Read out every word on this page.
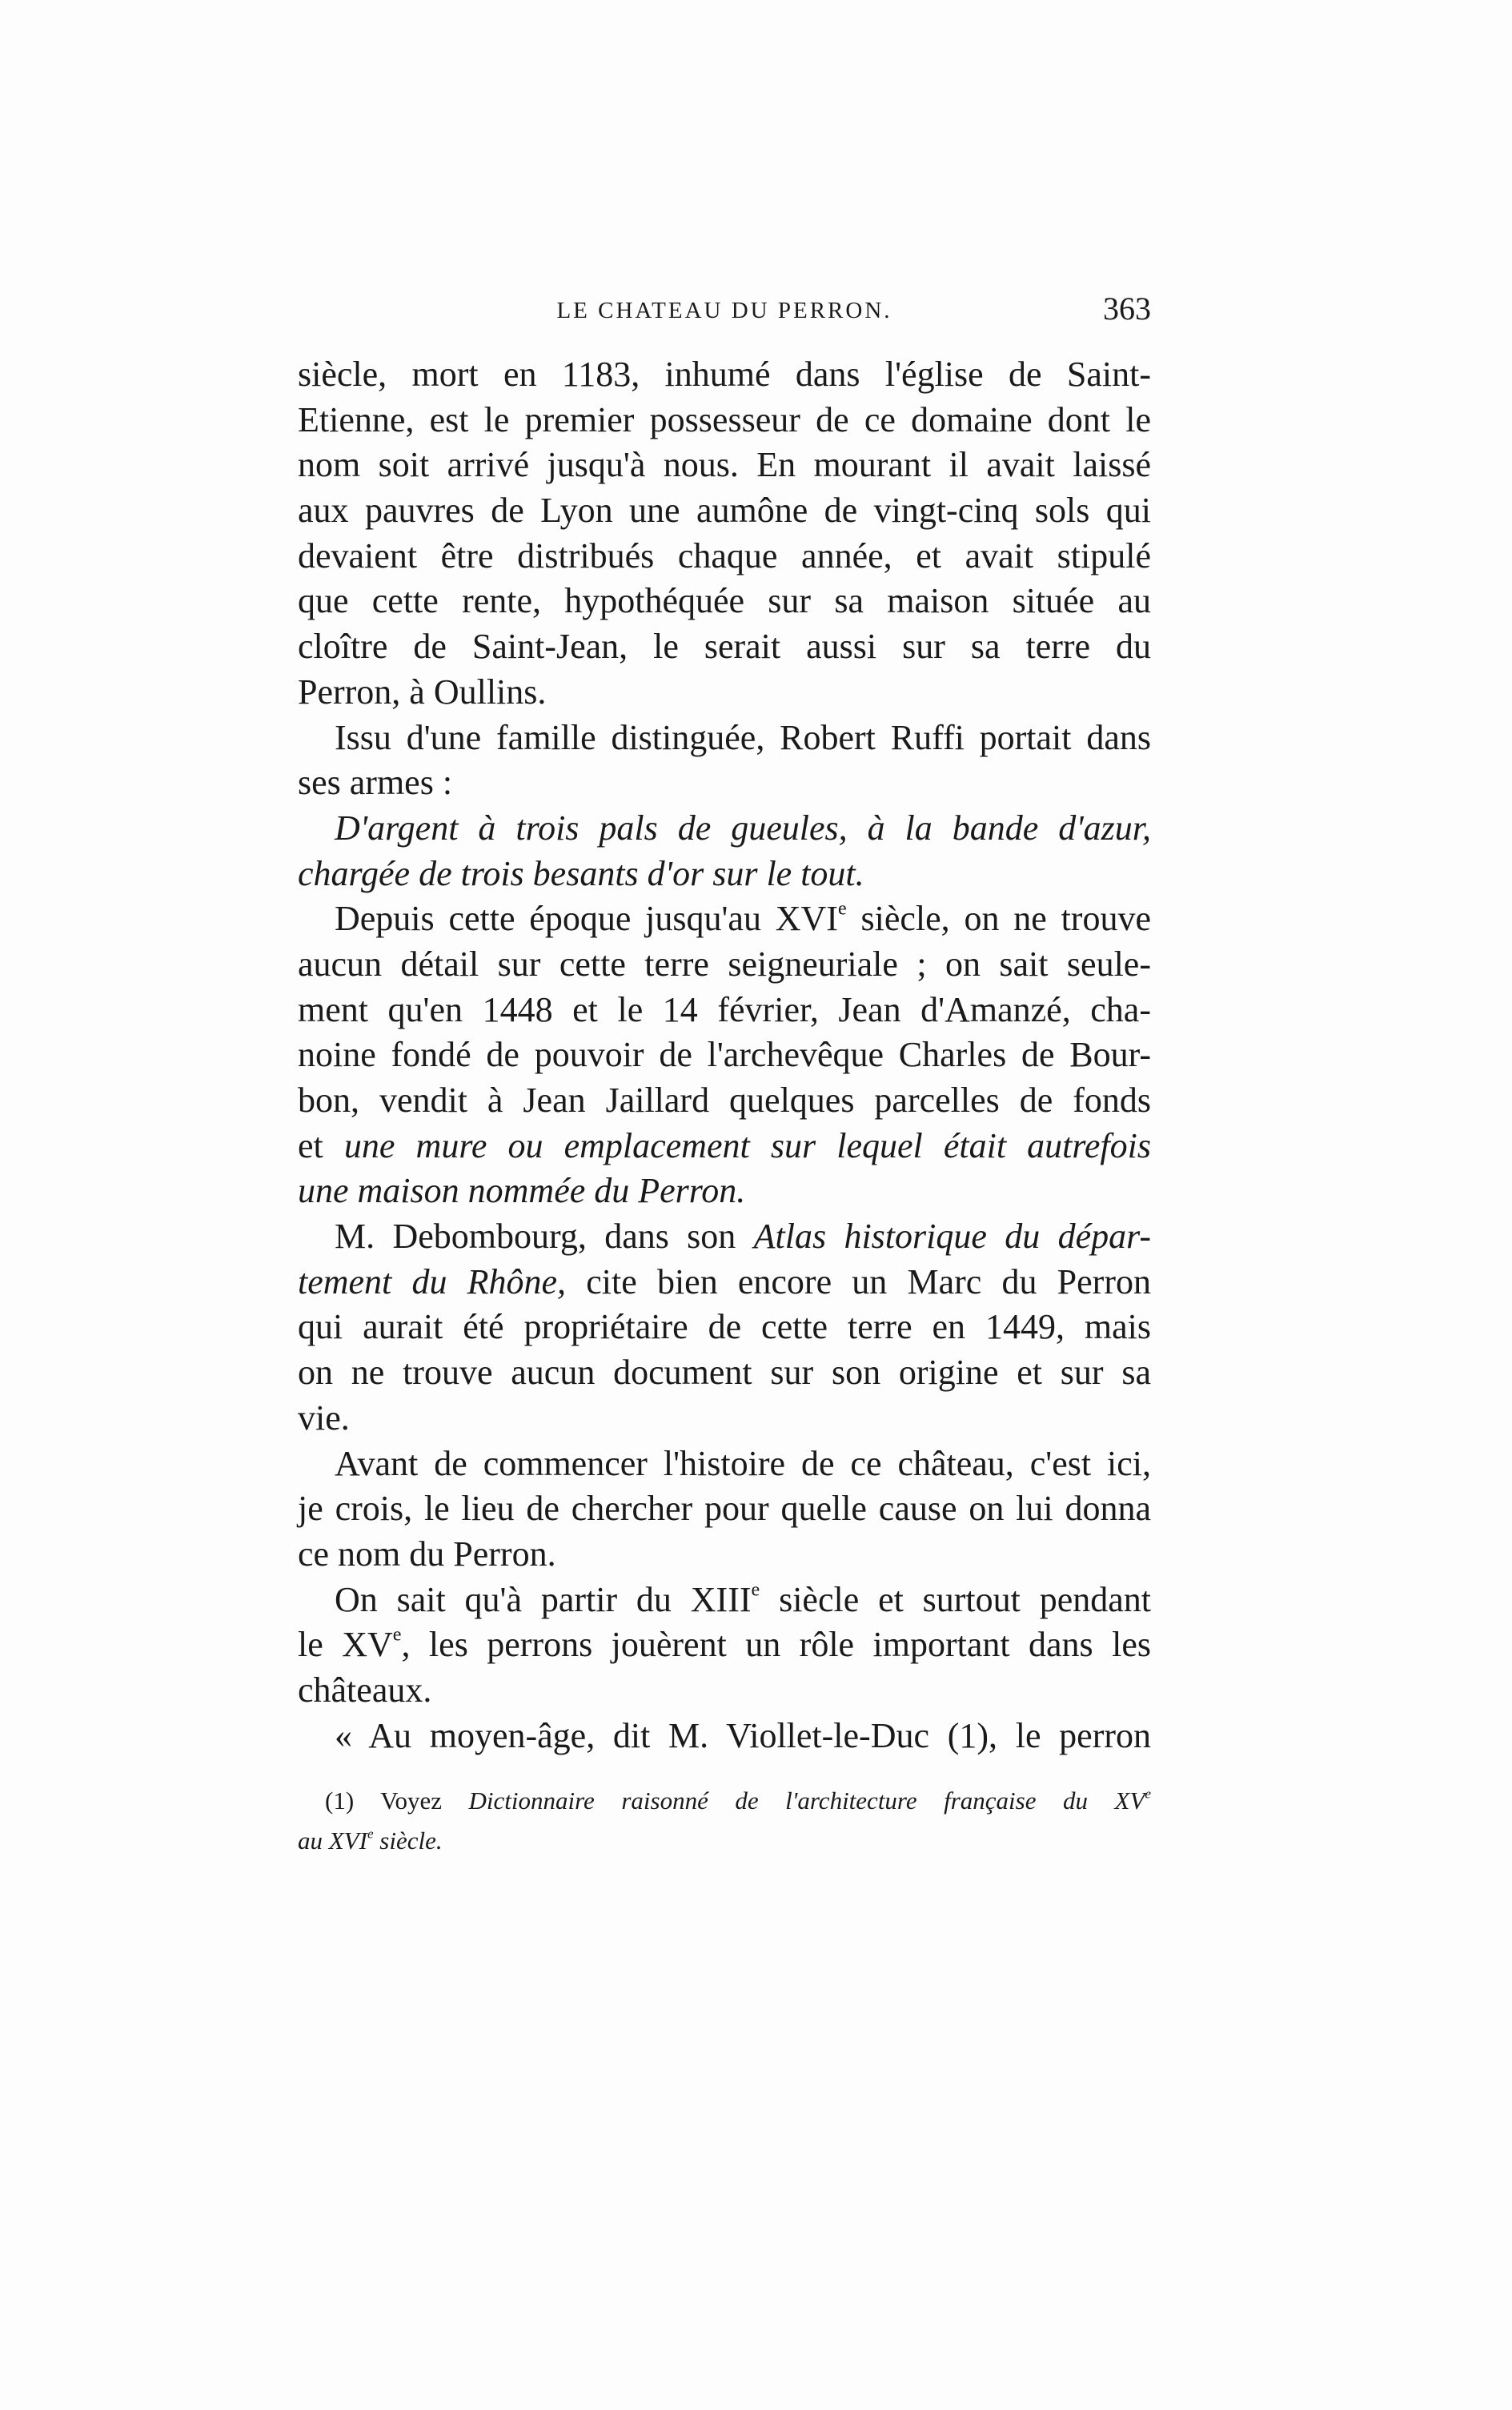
LE CHATEAU DU PERRON.	363
siècle, mort en 1183, inhumé dans l'église de Saint-
Etienne, est le premier possesseur de ce domaine dont le
nom soit arrivé jusqu'à nous. En mourant il avait laissé
aux pauvres de Lyon une aumône de vingt-cinq sols qui
devaient être distribués chaque année, et avait stipulé
que cette rente, hypothéquée sur sa maison située au
cloître de Saint-Jean, le serait aussi sur sa terre du
Perron, à Oullins.
Issu d'une famille distinguée, Robert Ruffi portait dans
ses armes :
D'argent à trois pals de gueules, à la bande d'azur,
chargée de trois besants d'or sur le tout.
Depuis cette époque jusqu'au XVIe siècle, on ne trouve
aucun détail sur cette terre seigneuriale ; on sait seule-
ment qu'en 1448 et le 14 février, Jean d'Amanzé, cha-
noine fondé de pouvoir de l'archevêque Charles de Bour-
bon, vendit à Jean Jaillard quelques parcelles de fonds
et une mure ou emplacement sur lequel était autrefois
une maison nommée du Perron.
M. Debombourg, dans son Atlas historique du dépar-
tement du Rhône, cite bien encore un Marc du Perron
qui aurait été propriétaire de cette terre en 1449, mais
on ne trouve aucun document sur son origine et sur sa
vie.
Avant de commencer l'histoire de ce château, c'est ici,
je crois, le lieu de chercher pour quelle cause on lui donna
ce nom du Perron.
On sait qu'à partir du XIIIe siècle et surtout pendant
le XVe, les perrons jouèrent un rôle important dans les
châteaux.
« Au moyen-âge, dit M. Viollet-le-Duc (1), le perron
(1) Voyez Dictionnaire raisonné de l'architecture française du XVe
au XVIe siècle.
